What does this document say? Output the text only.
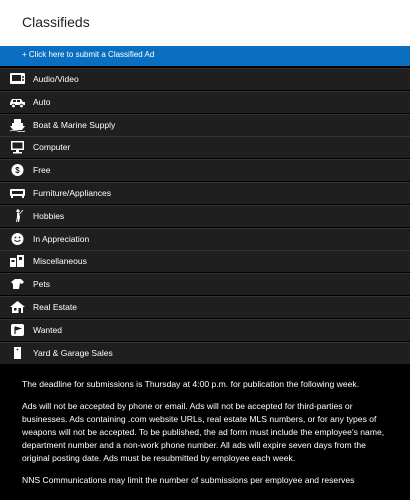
Classifieds
+ Click here to submit a Classified Ad
Audio/Video
Auto
Boat & Marine Supply
Computer
$ Free
Furniture/Appliances
Hobbies
In Appreciation
Miscellaneous
Pets
Real Estate
Wanted
Yard & Garage Sales

The deadline for submissions is Thursday at 4:00 p.m. for publication the following week.

Ads will not be accepted by phone or email. Ads will not be accepted for third-parties or businesses. Ads containing .com website URLs, real estate MLS numbers, or for any types of weapons will not be accepted. To be published, the ad form must include the employee's name, department number and a non-work phone number. All ads will expire seven days from the original posting date. Ads must be resubmitted by employee each week.

NNS Communications may limit the number of submissions per employee and reserves
